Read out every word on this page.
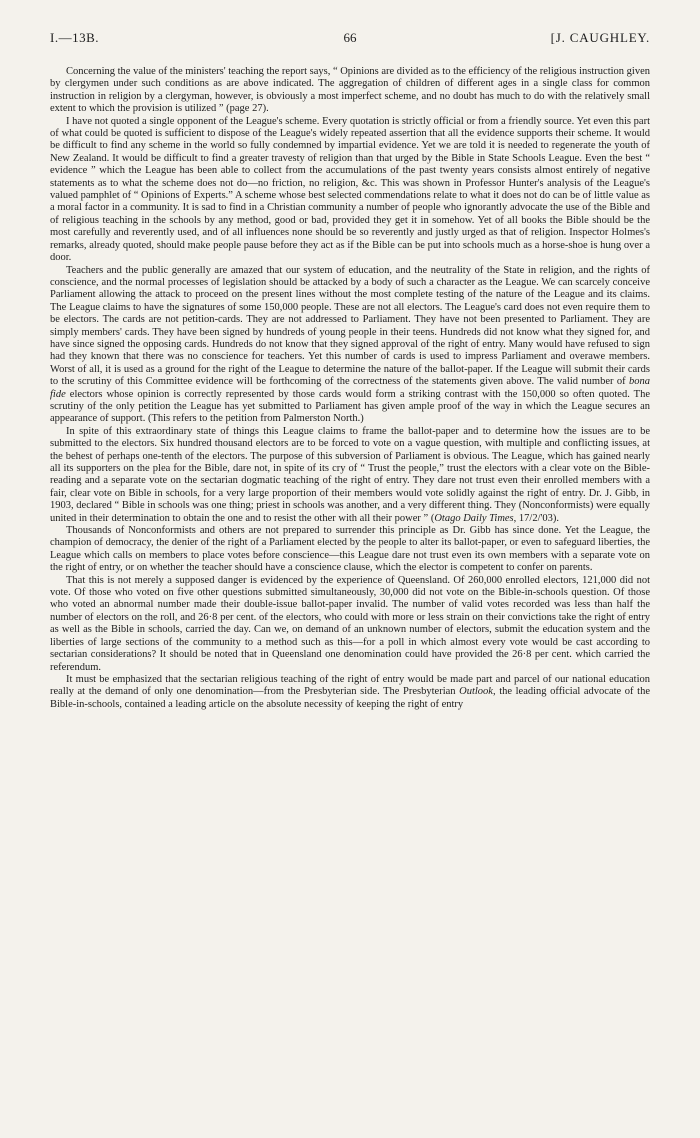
I.—13B.	66	[J. CAUGHLEY.

Concerning the value of the ministers' teaching the report says, “ Opinions are divided as to the efficiency of the religious instruction given by clergymen under such conditions as are above indicated. The aggregation of children of different ages in a single class for common instruction in religion by a clergyman, however, is obviously a most imperfect scheme, and no doubt has much to do with the relatively small extent to which the provision is utilized ” (page 27).

I have not quoted a single opponent of the League's scheme. Every quotation is strictly official or from a friendly source. Yet even this part of what could be quoted is sufficient to dispose of the League's widely repeated assertion that all the evidence supports their scheme. It would be difficult to find any scheme in the world so fully condemned by impartial evidence. Yet we are told it is needed to regenerate the youth of New Zealand. It would be difficult to find a greater travesty of religion than that urged by the Bible in State Schools League. Even the best “ evidence ” which the League has been able to collect from the accumulations of the past twenty years consists almost entirely of negative statements as to what the scheme does not do—no friction, no religion, &c. This was shown in Professor Hunter's analysis of the League's valued pamphlet of “ Opinions of Experts.” A scheme whose best selected commendations relate to what it does not do can be of little value as a moral factor in a community. It is sad to find in a Christian community a number of people who ignorantly advocate the use of the Bible and of religious teaching in the schools by any method, good or bad, provided they get it in somehow. Yet of all books the Bible should be the most carefully and reverently used, and of all influences none should be so reverently and justly urged as that of religion. Inspector Holmes's remarks, already quoted, should make people pause before they act as if the Bible can be put into schools much as a horse-shoe is hung over a door.

Teachers and the public generally are amazed that our system of education, and the neutrality of the State in religion, and the rights of conscience, and the normal processes of legislation should be attacked by a body of such a character as the League. We can scarcely conceive Parliament allowing the attack to proceed on the present lines without the most complete testing of the nature of the League and its claims. The League claims to have the signatures of some 150,000 people. These are not all electors. The League's card does not even require them to be electors. The cards are not petition-cards. They are not addressed to Parliament. They have not been presented to Parliament. They are simply members' cards. They have been signed by hundreds of young people in their teens. Hundreds did not know what they signed for, and have since signed the opposing cards. Hundreds do not know that they signed approval of the right of entry. Many would have refused to sign had they known that there was no conscience for teachers. Yet this number of cards is used to impress Parliament and overawe members. Worst of all, it is used as a ground for the right of the League to determine the nature of the ballot-paper. If the League will submit their cards to the scrutiny of this Committee evidence will be forthcoming of the correctness of the statements given above. The valid number of bona fide electors whose opinion is correctly represented by those cards would form a striking contrast with the 150,000 so often quoted. The scrutiny of the only petition the League has yet submitted to Parliament has given ample proof of the way in which the League secures an appearance of support. (This refers to the petition from Palmerston North.)

In spite of this extraordinary state of things this League claims to frame the ballot-paper and to determine how the issues are to be submitted to the electors. Six hundred thousand electors are to be forced to vote on a vague question, with multiple and conflicting issues, at the behest of perhaps one-tenth of the electors. The purpose of this subversion of Parliament is obvious. The League, which has gained nearly all its supporters on the plea for the Bible, dare not, in spite of its cry of “ Trust the people,” trust the electors with a clear vote on the Bible-reading and a separate vote on the sectarian dogmatic teaching of the right of entry. They dare not trust even their enrolled members with a fair, clear vote on Bible in schools, for a very large proportion of their members would vote solidly against the right of entry. Dr. J. Gibb, in 1903, declared “ Bible in schools was one thing; priest in schools was another, and a very different thing. They (Nonconformists) were equally united in their determination to obtain the one and to resist the other with all their power ” (Otago Daily Times, 17/2/'03).

Thousands of Nonconformists and others are not prepared to surrender this principle as Dr. Gibb has since done. Yet the League, the champion of democracy, the denier of the right of a Parliament elected by the people to alter its ballot-paper, or even to safeguard liberties, the League which calls on members to place votes before conscience—this League dare not trust even its own members with a separate vote on the right of entry, or on whether the teacher should have a conscience clause, which the elector is competent to confer on parents.

That this is not merely a supposed danger is evidenced by the experience of Queensland. Of 260,000 enrolled electors, 121,000 did not vote. Of those who voted on five other questions submitted simultaneously, 30,000 did not vote on the Bible-in-schools question. Of those who voted an abnormal number made their double-issue ballot-paper invalid. The number of valid votes recorded was less than half the number of electors on the roll, and 26·8 per cent. of the electors, who could with more or less strain on their convictions take the right of entry as well as the Bible in schools, carried the day. Can we, on demand of an unknown number of electors, submit the education system and the liberties of large sections of the community to a method such as this—for a poll in which almost every vote would be cast according to sectarian considerations? It should be noted that in Queensland one denomination could have provided the 26·8 per cent. which carried the referendum.

It must be emphasized that the sectarian religious teaching of the right of entry would be made part and parcel of our national education really at the demand of only one denomination—from the Presbyterian side. The Presbyterian Outlook, the leading official advocate of the Bible-in-schools, contained a leading article on the absolute necessity of keeping the right of entry
